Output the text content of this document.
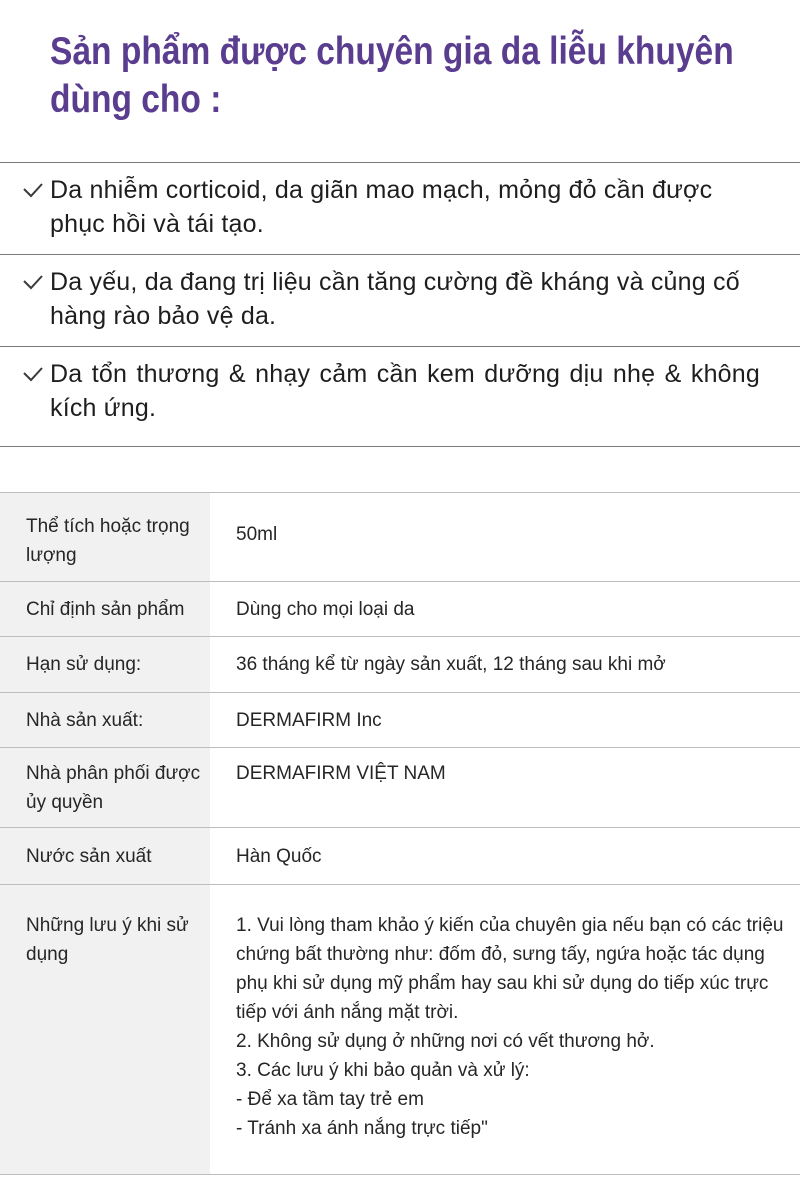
Sản phẩm được chuyên gia da liễu khuyên dùng cho :
Da nhiễm corticoid, da giãn mao mạch, mỏng đỏ cần được phục hồi và tái tạo.
Da yếu, da đang trị liệu cần tăng cường đề kháng và củng cố hàng rào bảo vệ da.
Da tổn thương & nhạy cảm cần kem dưỡng dịu nhẹ & không kích ứng.
Thể tích hoặc trọng lượng	50ml
Chỉ định sản phẩm	Dùng cho mọi loại da
Hạn sử dụng:	36 tháng kể từ ngày sản xuất, 12 tháng sau khi mở
Nhà sản xuất:	DERMAFIRM Inc
Nhà phân phối được ủy quyền	DERMAFIRM VIỆT NAM
Nước sản xuất	Hàn Quốc
Những lưu ý khi sử dụng	1. Vui lòng tham khảo ý kiến của chuyên gia nếu bạn có các triệu chứng bất thường như: đốm đỏ, sưng tấy, ngứa hoặc tác dụng phụ khi sử dụng mỹ phẩm hay sau khi sử dụng do tiếp xúc trực tiếp với ánh nắng mặt trời.

2. Không sử dụng ở những nơi có vết thương hở.

3. Các lưu ý khi bảo quản và xử lý:

- Để xa tầm tay trẻ em

- Tránh xa ánh nắng trực tiếp"
